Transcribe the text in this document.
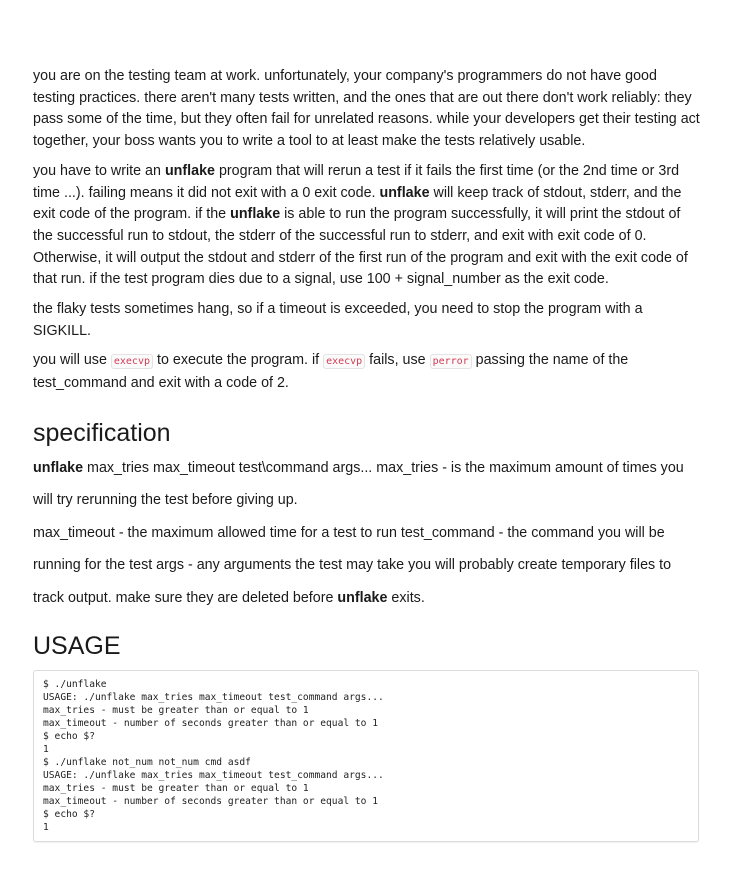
you are on the testing team at work. unfortunately, your company's programmers do not have good testing practices. there aren't many tests written, and the ones that are out there don't work reliably: they pass some of the time, but they often fail for unrelated reasons. while your developers get their testing act together, your boss wants you to write a tool to at least make the tests relatively usable.

you have to write an unflake program that will rerun a test if it fails the first time (or the 2nd time or 3rd time ...). failing means it did not exit with a 0 exit code. unflake will keep track of stdout, stderr, and the exit code of the program. if the unflake is able to run the program successfully, it will print the stdout of the successful run to stdout, the stderr of the successful run to stderr, and exit with exit code of 0. Otherwise, it will output the stdout and stderr of the first run of the program and exit with the exit code of that run. if the test program dies due to a signal, use 100 + signal_number as the exit code.

the flaky tests sometimes hang, so if a timeout is exceeded, you need to stop the program with a SIGKILL.

you will use execvp to execute the program. if execvp fails, use perror passing the name of the test_command and exit with a code of 2.

specification

unflake max_tries max_timeout test\command args... max_tries - is the maximum amount of times you will try rerunning the test before giving up.

max_timeout - the maximum allowed time for a test to run test_command - the command you will be running for the test args - any arguments the test may take you will probably create temporary files to track output. make sure they are deleted before unflake exits.

USAGE
$ ./unflake
USAGE: ./unflake max_tries max_timeout test_command args...
max_tries - must be greater than or equal to 1
max_timeout - number of seconds greater than or equal to 1
$ echo $?
1
$ ./unflake not_num not_num cmd asdf
USAGE: ./unflake max_tries max_timeout test_command args...
max_tries - must be greater than or equal to 1
max_timeout - number of seconds greater than or equal to 1
$ echo $?
1
